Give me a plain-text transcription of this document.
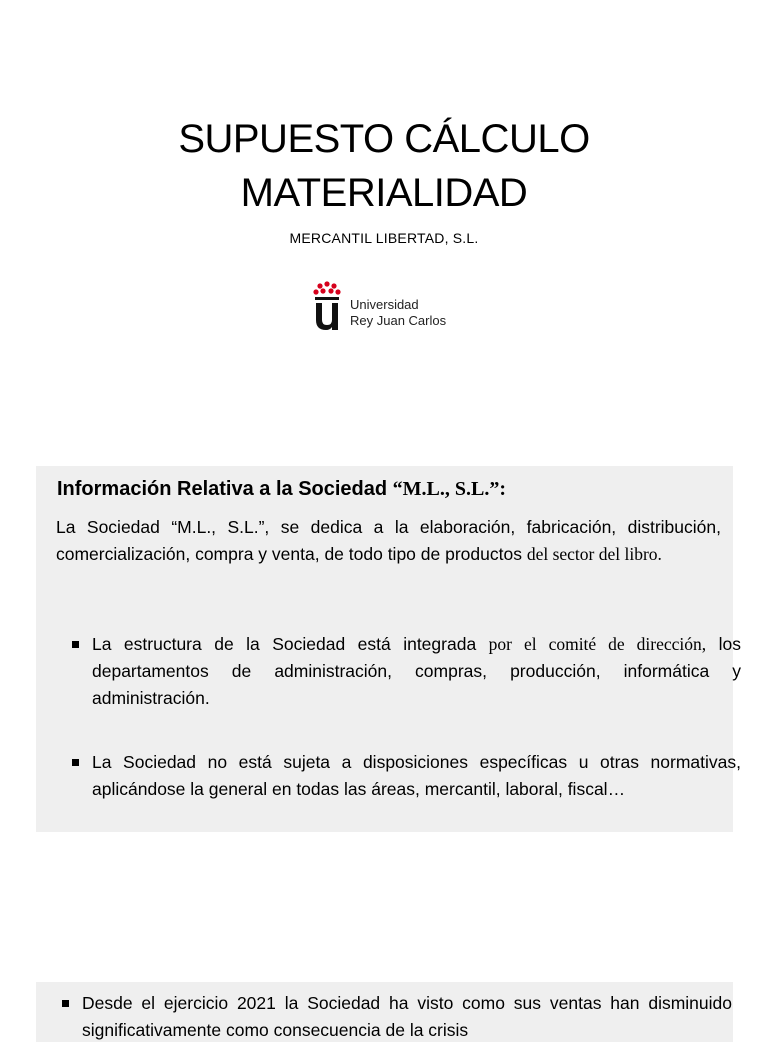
SUPUESTO CÁLCULO
MATERIALIDAD
MERCANTIL LIBERTAD, S.L.
Universidad
Rey Juan Carlos
Información Relativa a la Sociedad “M.L., S.L.”:
La Sociedad “M.L., S.L.”, se dedica a la elaboración, fabricación, distribución, comercialización, compra y venta, de todo tipo de productos del sector del libro.
La estructura de la Sociedad está integrada por el comité de dirección, los departamentos de administración, compras, producción, informática y administración.
La Sociedad no está sujeta a disposiciones específicas u otras normativas, aplicándose la general en todas las áreas, mercantil, laboral, fiscal…
Desde el ejercicio 2021 la Sociedad ha visto como sus ventas han disminuido significativamente como consecuencia de la crisis
